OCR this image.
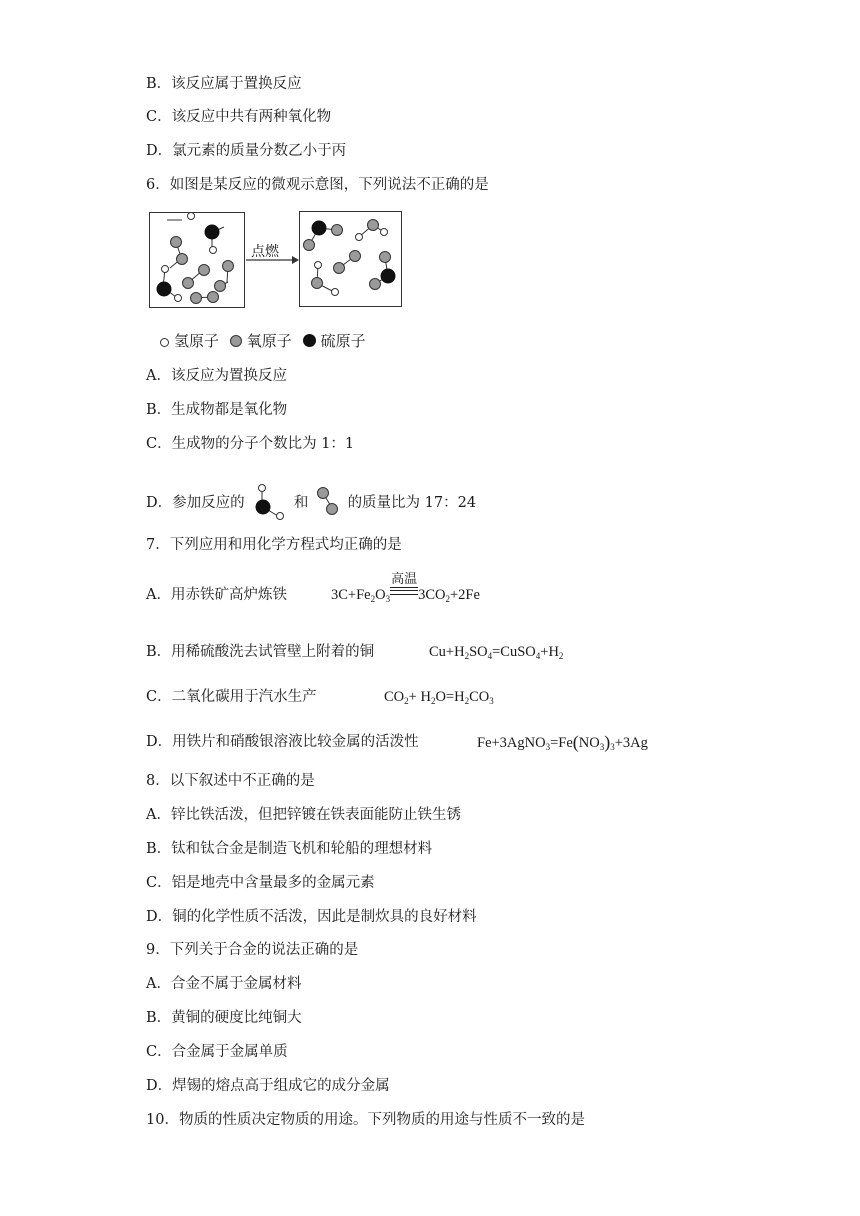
B．该反应属于置换反应
C．该反应中共有两种氧化物
D．氯元素的质量分数乙小于丙
6．如图是某反应的微观示意图，下列说法不正确的是
点燃
氢原子 氧原子 硫原子
A．该反应为置换反应
B．生成物都是氧化物
C．生成物的分子个数比为 1：1
D．参加反应的	和	的质量比为 17：24
7．下列应用和用化学方程式均正确的是
A．用赤铁矿高炉炼铁	$3C+Fe_2O_3$
高温
$3CO_2+2Fe$
B．用稀硫酸洗去试管壁上附着的铜	$Cu+H_2SO_4=CuSO_4+H_2$
C．二氧化碳用于汽水生产	$CO_2+ H_2O=H_2CO_3$
D．用铁片和硝酸银溶液比较金属的活泼性	$Fe+3AgNO_3=Fe(NO_3)_3+3Ag$
8．以下叙述中不正确的是
A．锌比铁活泼，但把锌镀在铁表面能防止铁生锈
B．钛和钛合金是制造飞机和轮船的理想材料
C．铝是地壳中含量最多的金属元素
D．铜的化学性质不活泼，因此是制炊具的良好材料
9．下列关于合金的说法正确的是
A．合金不属于金属材料
B．黄铜的硬度比纯铜大
C．合金属于金属单质
D．焊锡的熔点高于组成它的成分金属
10．物质的性质决定物质的用途。下列物质的用途与性质不一致的是
